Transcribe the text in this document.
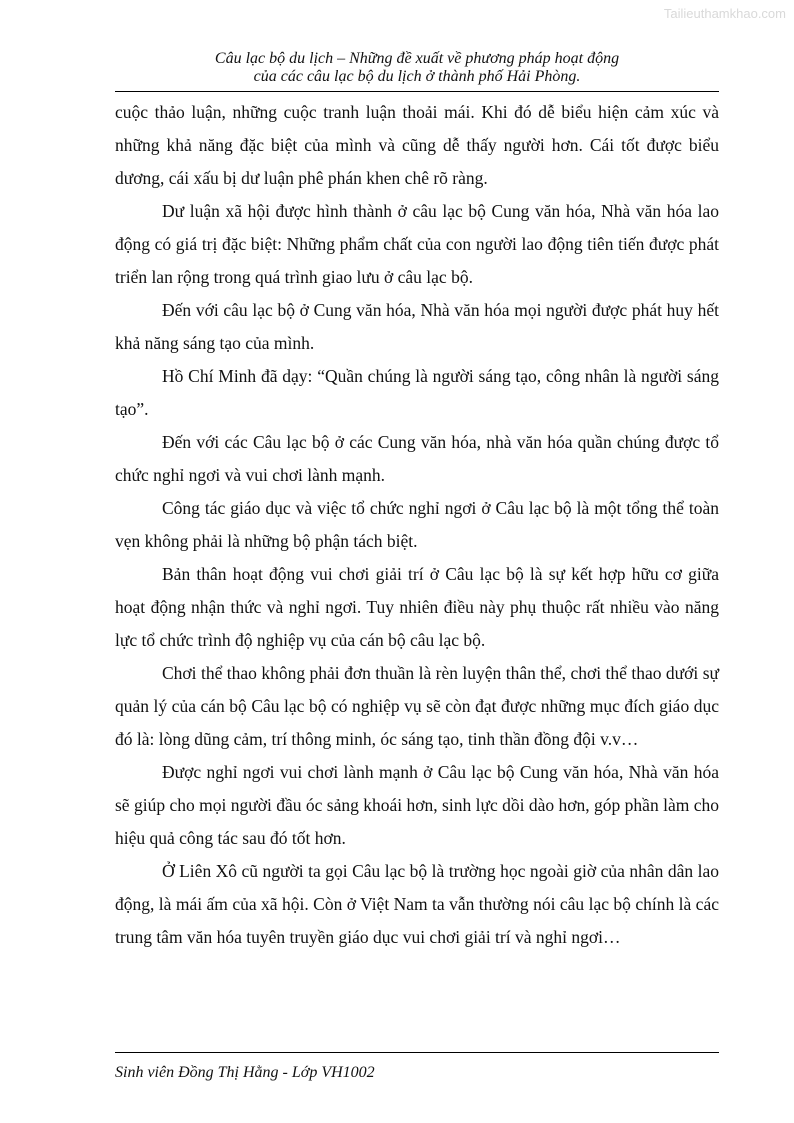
Tailieuthamkhao.com
Câu lạc bộ du lịch – Những đề xuất về phương pháp hoạt động
của các câu lạc bộ du lịch ở thành phố Hải Phòng.

cuộc thảo luận, những cuộc tranh luận thoải mái. Khi đó dễ biểu hiện cảm xúc và những khả năng đặc biệt của mình và cũng dễ thấy người hơn. Cái tốt được biểu dương, cái xấu bị dư luận phê phán khen chê rõ ràng.

Dư luận xã hội được hình thành ở câu lạc bộ Cung văn hóa, Nhà văn hóa lao động có giá trị đặc biệt: Những phẩm chất của con người lao động tiên tiến được phát triển lan rộng trong quá trình giao lưu ở câu lạc bộ.

Đến với câu lạc bộ ở Cung văn hóa, Nhà văn hóa mọi người được phát huy hết khả năng sáng tạo của mình.

Hồ Chí Minh đã dạy: “Quần chúng là người sáng tạo, công nhân là người sáng tạo”.

Đến với các Câu lạc bộ ở các Cung văn hóa, nhà văn hóa quần chúng được tổ chức nghỉ ngơi và vui chơi lành mạnh.

Công tác giáo dục và việc tổ chức nghỉ ngơi ở Câu lạc bộ là một tổng thể toàn vẹn không phải là những bộ phận tách biệt.

Bản thân hoạt động vui chơi giải trí ở Câu lạc bộ là sự kết hợp hữu cơ giữa hoạt động nhận thức và nghỉ ngơi. Tuy nhiên điều này phụ thuộc rất nhiều vào năng lực tổ chức trình độ nghiệp vụ của cán bộ câu lạc bộ.

Chơi thể thao không phải đơn thuần là rèn luyện thân thể, chơi thể thao dưới sự quản lý của cán bộ Câu lạc bộ có nghiệp vụ sẽ còn đạt được những mục đích giáo dục đó là: lòng dũng cảm, trí thông minh, óc sáng tạo, tinh thần đồng đội v.v…

Được nghỉ ngơi vui chơi lành mạnh ở Câu lạc bộ Cung văn hóa, Nhà văn hóa sẽ giúp cho mọi người đầu óc sảng khoái hơn, sinh lực dồi dào hơn, góp phần làm cho hiệu quả công tác sau đó tốt hơn.

Ở Liên Xô cũ người ta gọi Câu lạc bộ là trường học ngoài giờ của nhân dân lao động, là mái ấm của xã hội. Còn ở Việt Nam ta vẫn thường nói câu lạc bộ chính là các trung tâm văn hóa tuyên truyền giáo dục vui chơi giải trí và nghỉ ngơi…

Sinh viên Đồng Thị Hằng - Lớp VH1002
